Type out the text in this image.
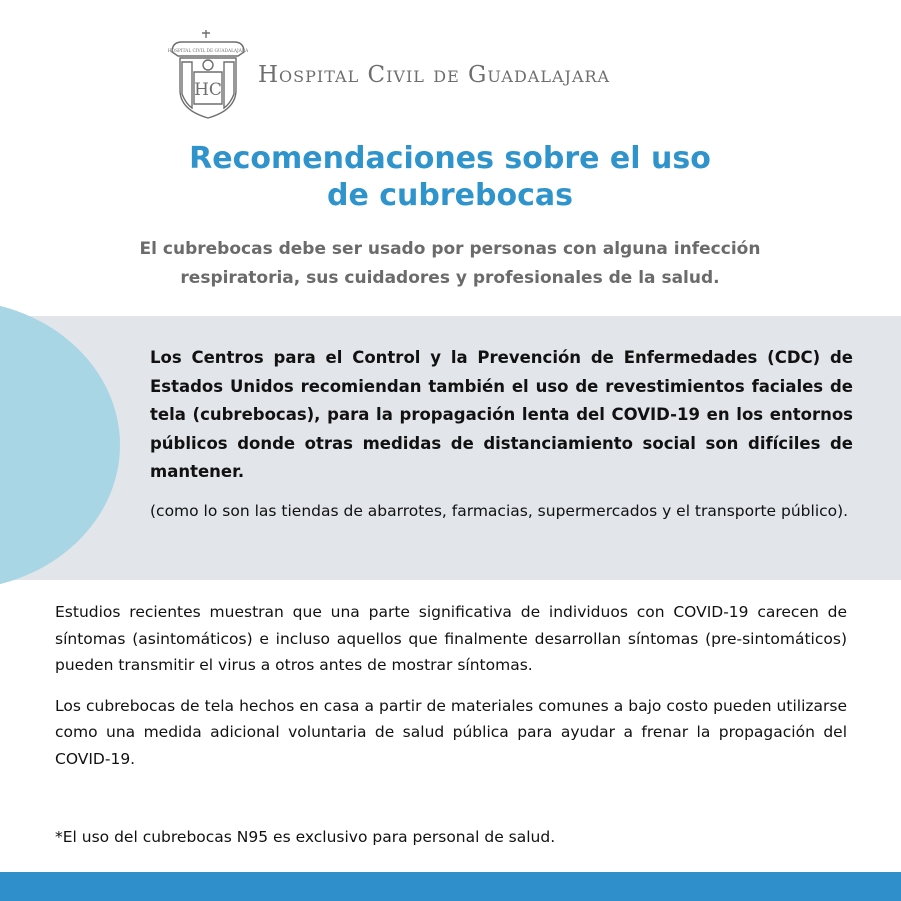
HOSPITAL CIVIL DE GUADALAJARA
HC
Hospital Civil de Guadalajara
Recomendaciones sobre el uso
de cubrebocas

El cubrebocas debe ser usado por personas con alguna infección
respiratoria, sus cuidadores y profesionales de la salud.

Los Centros para el Control y la Prevención de Enfermedades (CDC) de Estados Unidos recomiendan también el uso de revestimientos faciales de tela (cubrebocas), para la propagación lenta del COVID-19 en los entornos públicos donde otras medidas de distanciamiento social son difíciles de mantener.

(como lo son las tiendas de abarrotes, farmacias, supermercados y el transporte público).

Estudios recientes muestran que una parte significativa de individuos con COVID-19 carecen de síntomas (asintomáticos) e incluso aquellos que finalmente desarrollan síntomas (pre-sintomáticos) pueden transmitir el virus a otros antes de mostrar síntomas.

Los cubrebocas de tela hechos en casa a partir de materiales comunes a bajo costo pueden utilizarse como una medida adicional voluntaria de salud pública para ayudar a frenar la propagación del COVID-19.

*El uso del cubrebocas N95 es exclusivo para personal de salud.
